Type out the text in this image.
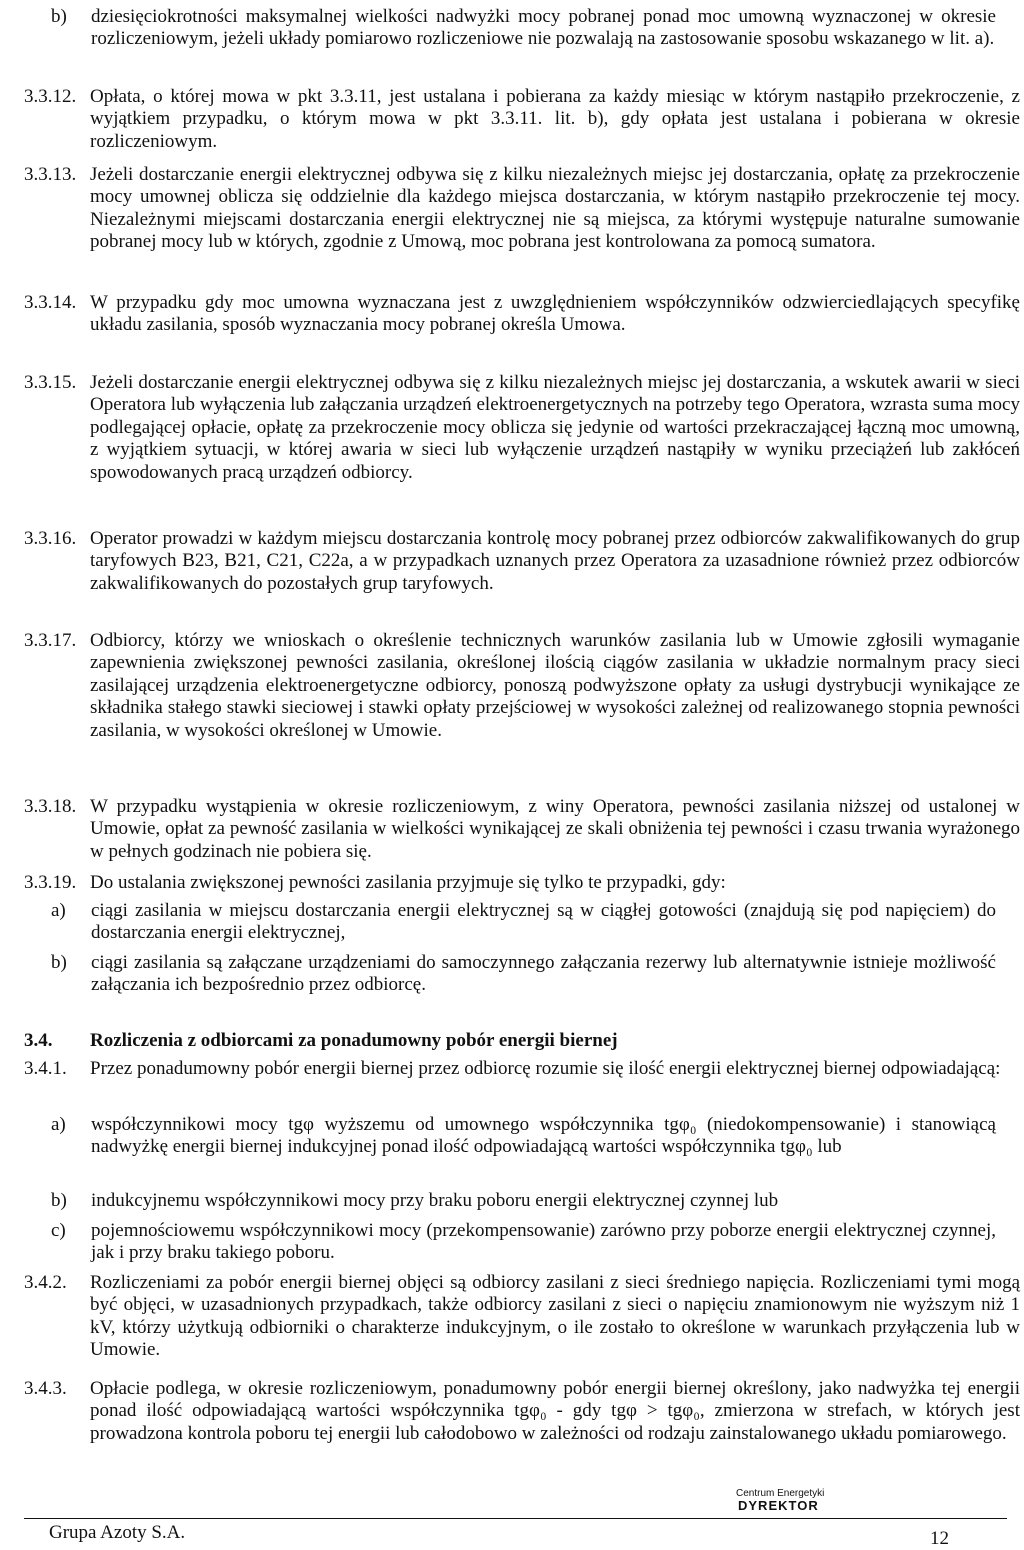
b) dziesięciokrotności maksymalnej wielkości nadwyżki mocy pobranej ponad moc umowną wyznaczonej w okresie rozliczeniowym, jeżeli układy pomiarowo rozliczeniowe nie pozwalają na zastosowanie sposobu wskazanego w lit. a).
3.3.12. Opłata, o której mowa w pkt 3.3.11, jest ustalana i pobierana za każdy miesiąc w którym nastąpiło przekroczenie, z wyjątkiem przypadku, o którym mowa w pkt 3.3.11. lit. b), gdy opłata jest ustalana i pobierana w okresie rozliczeniowym.
3.3.13. Jeżeli dostarczanie energii elektrycznej odbywa się z kilku niezależnych miejsc jej dostarczania, opłatę za przekroczenie mocy umownej oblicza się oddzielnie dla każdego miejsca dostarczania, w którym nastąpiło przekroczenie tej mocy. Niezależnymi miejscami dostarczania energii elektrycznej nie są miejsca, za którymi występuje naturalne sumowanie pobranej mocy lub w których, zgodnie z Umową, moc pobrana jest kontrolowana za pomocą sumatora.
3.3.14. W przypadku gdy moc umowna wyznaczana jest z uwzględnieniem współczynników odzwierciedlających specyfikę układu zasilania, sposób wyznaczania mocy pobranej określa Umowa.
3.3.15. Jeżeli dostarczanie energii elektrycznej odbywa się z kilku niezależnych miejsc jej dostarczania, a wskutek awarii w sieci Operatora lub wyłączenia lub załączania urządzeń elektroenergetycznych na potrzeby tego Operatora, wzrasta suma mocy podlegającej opłacie, opłatę za przekroczenie mocy oblicza się jedynie od wartości przekraczającej łączną moc umowną, z wyjątkiem sytuacji, w której awaria w sieci lub wyłączenie urządzeń nastąpiły w wyniku przeciążeń lub zakłóceń spowodowanych pracą urządzeń odbiorcy.
3.3.16. Operator prowadzi w każdym miejscu dostarczania kontrolę mocy pobranej przez odbiorców zakwalifikowanych do grup taryfowych B23, B21, C21, C22a, a w przypadkach uznanych przez Operatora za uzasadnione również przez odbiorców zakwalifikowanych do pozostałych grup taryfowych.
3.3.17. Odbiorcy, którzy we wnioskach o określenie technicznych warunków zasilania lub w Umowie zgłosili wymaganie zapewnienia zwiększonej pewności zasilania, określonej ilością ciągów zasilania w układzie normalnym pracy sieci zasilającej urządzenia elektroenergetyczne odbiorcy, ponoszą podwyższone opłaty za usługi dystrybucji wynikające ze składnika stałego stawki sieciowej i stawki opłaty przejściowej w wysokości zależnej od realizowanego stopnia pewności zasilania, w wysokości określonej w Umowie.
3.3.18. W przypadku wystąpienia w okresie rozliczeniowym, z winy Operatora, pewności zasilania niższej od ustalonej w Umowie, opłat za pewność zasilania w wielkości wynikającej ze skali obniżenia tej pewności i czasu trwania wyrażonego w pełnych godzinach nie pobiera się.
3.3.19. Do ustalania zwiększonej pewności zasilania przyjmuje się tylko te przypadki, gdy:
a) ciągi zasilania w miejscu dostarczania energii elektrycznej są w ciągłej gotowości (znajdują się pod napięciem) do dostarczania energii elektrycznej,
b) ciągi zasilania są załączane urządzeniami do samoczynnego załączania rezerwy lub alternatywnie istnieje możliwość załączania ich bezpośrednio przez odbiorcę.
3.4.	Rozliczenia z odbiorcami za ponadumowny pobór energii biernej
3.4.1.	Przez ponadumowny pobór energii biernej przez odbiorcę rozumie się ilość energii elektrycznej biernej odpowiadającą:
a) współczynnikowi mocy tgφ wyższemu od umownego współczynnika tgφ₀ (niedokompensowanie) i stanowiącą nadwyżkę energii biernej indukcyjnej ponad ilość odpowiadającą wartości współczynnika tgφ₀ lub
b) indukcyjnemu współczynnikowi mocy przy braku poboru energii elektrycznej czynnej lub
c) pojemnościowemu współczynnikowi mocy (przekompensowanie) zarówno przy poborze energii elektrycznej czynnej, jak i przy braku takiego poboru.
3.4.2.	Rozliczeniami za pobór energii biernej objęci są odbiorcy zasilani z sieci średniego napięcia. Rozliczeniami tymi mogą być objęci, w uzasadnionych przypadkach, także odbiorcy zasilani z sieci o napięciu znamionowym nie wyższym niż 1 kV, którzy użytkują odbiorniki o charakterze indukcyjnym, o ile zostało to określone w warunkach przyłączenia lub w Umowie.
3.4.3.	Opłacie podlega, w okresie rozliczeniowym, ponadumowny pobór energii biernej określony, jako nadwyżka tej energii ponad ilość odpowiadającą wartości współczynnika tgφ₀ - gdy tgφ > tgφ₀, zmierzona w strefach, w których jest prowadzona kontrola poboru tej energii lub całodobowo w zależności od rodzaju zainstalowanego układu pomiarowego.
Centrum Energetyki
DYREKTOR
Grupa Azoty S.A.	12
